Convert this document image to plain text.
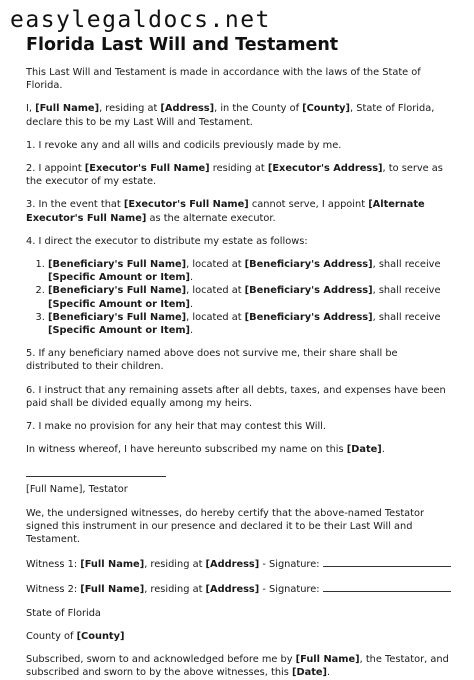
easylegaldocs.net
Florida Last Will and Testament

This Last Will and Testament is made in accordance with the laws of the State of Florida.

I, [Full Name], residing at [Address], in the County of [County], State of Florida, declare this to be my Last Will and Testament.

1. I revoke any and all wills and codicils previously made by me.

2. I appoint [Executor's Full Name] residing at [Executor's Address], to serve as the executor of my estate.

3. In the event that [Executor's Full Name] cannot serve, I appoint [Alternate Executor's Full Name] as the alternate executor.

4. I direct the executor to distribute my estate as follows:

1. [Beneficiary's Full Name], located at [Beneficiary's Address], shall receive [Specific Amount or Item].
2. [Beneficiary's Full Name], located at [Beneficiary's Address], shall receive [Specific Amount or Item].
3. [Beneficiary's Full Name], located at [Beneficiary's Address], shall receive [Specific Amount or Item].

5. If any beneficiary named above does not survive me, their share shall be distributed to their children.

6. I instruct that any remaining assets after all debts, taxes, and expenses have been paid shall be divided equally among my heirs.

7. I make no provision for any heir that may contest this Will.

In witness whereof, I have hereunto subscribed my name on this [Date].

[Full Name], Testator

We, the undersigned witnesses, do hereby certify that the above-named Testator signed this instrument in our presence and declared it to be their Last Will and Testament.

Witness 1: [Full Name], residing at [Address] - Signature:

Witness 2: [Full Name], residing at [Address] - Signature:

State of Florida

County of [County]

Subscribed, sworn to and acknowledged before me by [Full Name], the Testator, and subscribed and sworn to by the above witnesses, this [Date].
